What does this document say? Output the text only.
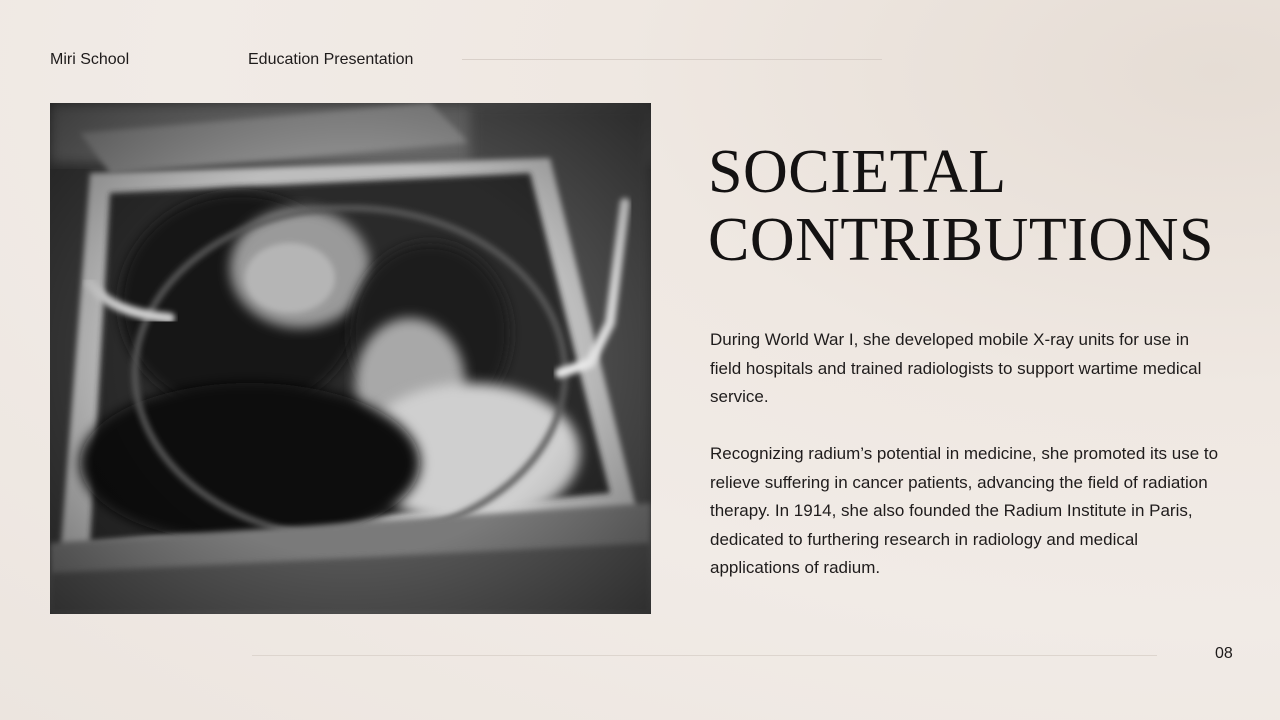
Miri School	Education Presentation
SOCIETAL
CONTRIBUTIONS

During World War I, she developed mobile X-ray units for use in field hospitals and trained radiologists to support wartime medical service.

Recognizing radium’s potential in medicine, she promoted its use to relieve suffering in cancer patients, advancing the field of radiation therapy. In 1914, she also founded the Radium Institute in Paris, dedicated to furthering research in radiology and medical applications of radium.

08
